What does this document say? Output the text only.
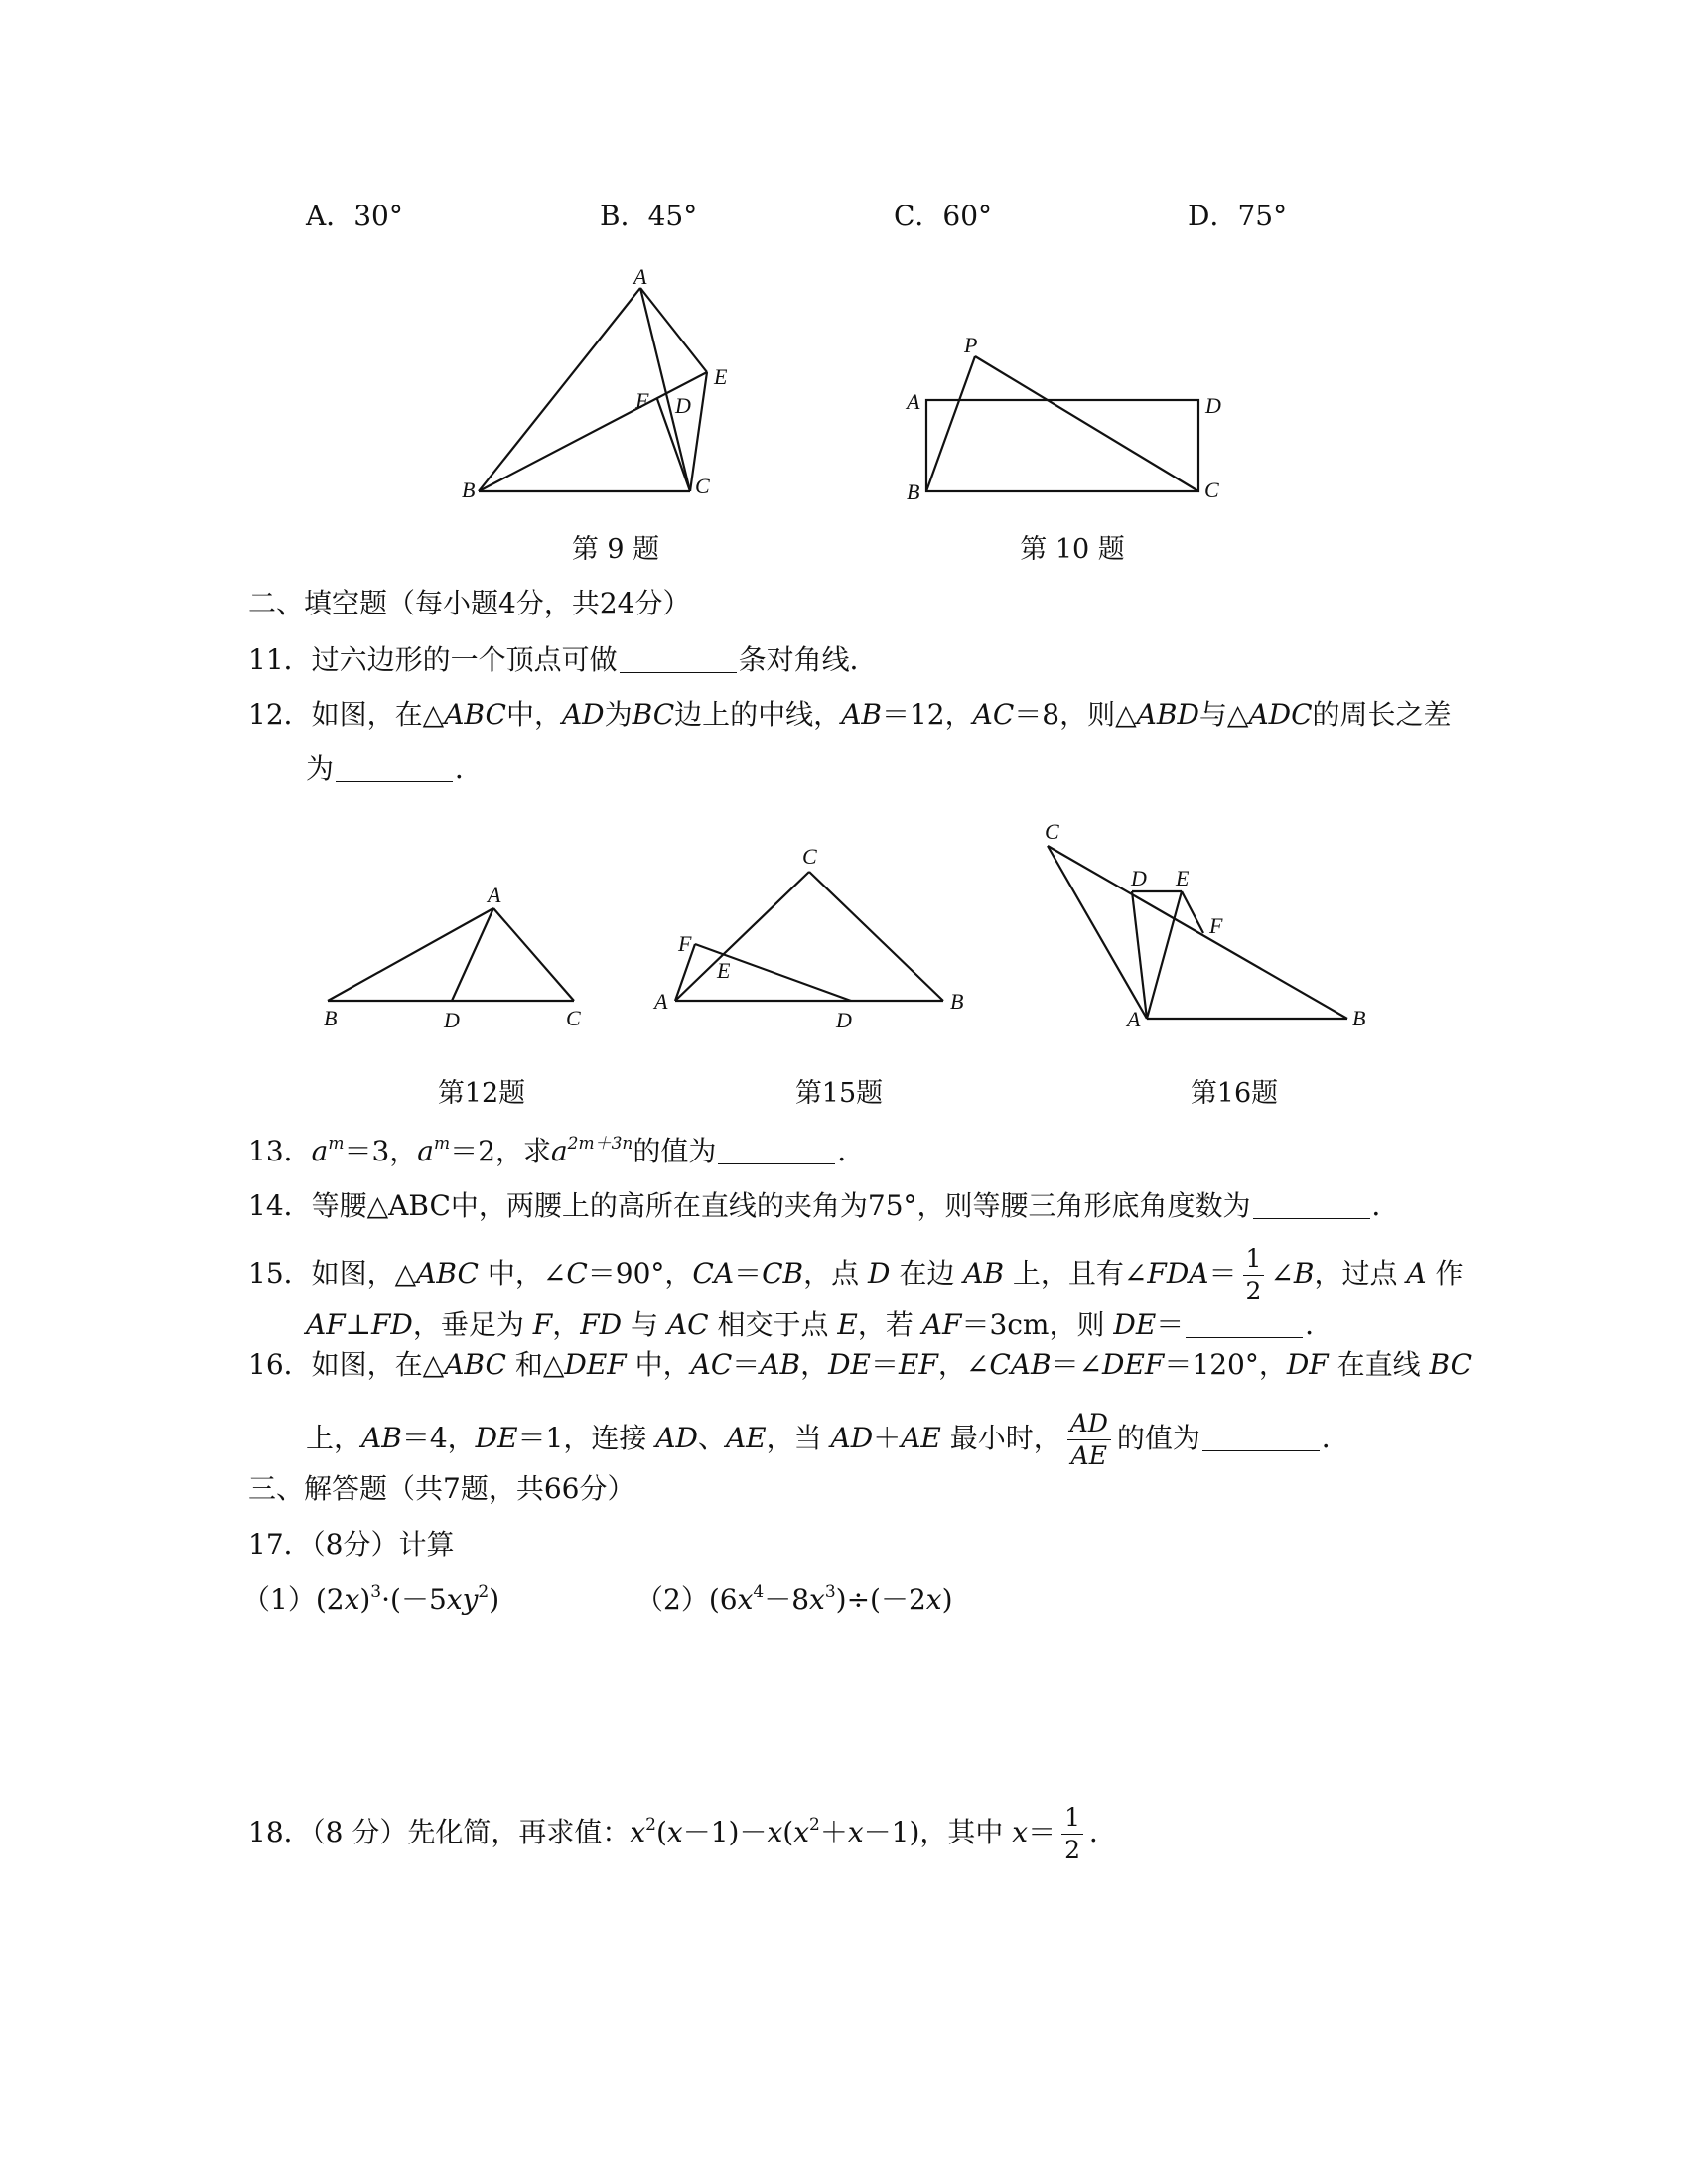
A．30°	B．45°	C．60°	D．75°
A
B	C
D
E
F
第 9 题
P
A
B	C
D
第 10 题
二、填空题（每小题4分，共24分）
11．过六边形的一个顶点可做	条对角线．
12．如图，在△ABC中，AD为BC边上的中线，AB＝12，AC＝8，则△ABD与△ADC的周长之差
为	．
A
B	C
D
第12题
C
F
E
A
D
B
第15题
C
D E
F
A	B
第16题
13．$a^m=3$，$a^m=2$，求$a^{2m+3n}$的值为	．
14．等腰△ABC中，两腰上的高所在直线的夹角为75°，则等腰三角形底角度数为	．
15．如图，△ABC 中，∠C＝90°，CA＝CB，点 D 在边 AB 上，且有∠FDA＝ $\frac{1}{2}$ ∠B，过点 A 作
AF⊥FD，垂足为 F，FD 与 AC 相交于点 E，若 AF＝3cm，则 DE＝	．
16．如图，在△ABC 和△DEF 中，AC＝AB，DE＝EF，∠CAB＝∠DEF＝120°，DF 在直线 BC
上，AB＝4，DE＝1，连接 AD、AE，当 AD＋AE 最小时， $\frac{AD}{AE}$ 的值为	．
三、解答题（共7题，共66分）
17．（8分）计算
$(1)(2x)^3\cdot(-5xy^2)$	$(2)(6x^4-8x^3)\div(-2x)$
18．（8 分）先化简，再求值：$x^2(x-1)-x(x^2+x-1)$，其中 $x= \frac{1}{2}$ ．
